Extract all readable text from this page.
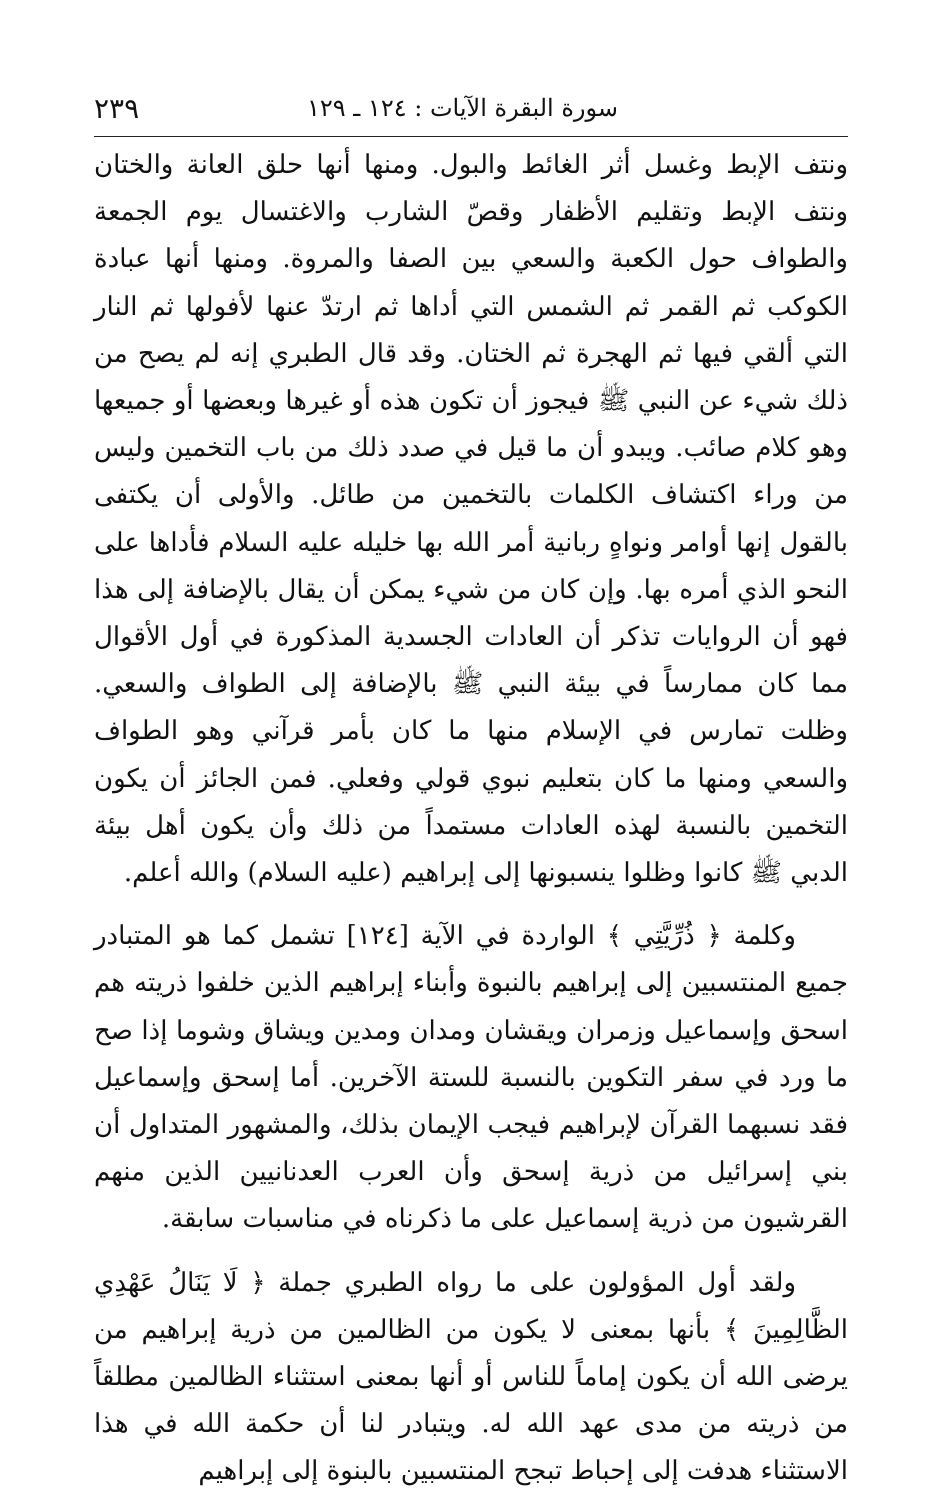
سورة البقرة الآيات : ١٢٤ ـ ١٢٩
٢٣٩

ونتف الإبط وغسل أثر الغائط والبول. ومنها أنها حلق العانة والختان ونتف الإبط وتقليم الأظفار وقصّ الشارب والاغتسال يوم الجمعة والطواف حول الكعبة والسعي بين الصفا والمروة. ومنها أنها عبادة الكوكب ثم القمر ثم الشمس التي أداها ثم ارتدّ عنها لأفولها ثم النار التي ألقي فيها ثم الهجرة ثم الختان. وقد قال الطبري إنه لم يصح من ذلك شيء عن النبي ﷺ فيجوز أن تكون هذه أو غيرها وبعضها أو جميعها وهو كلام صائب. ويبدو أن ما قيل في صدد ذلك من باب التخمين وليس من وراء اكتشاف الكلمات بالتخمين من طائل. والأولى أن يكتفى بالقول إنها أوامر ونواهٍ ربانية أمر الله بها خليله عليه السلام فأداها على النحو الذي أمره بها. وإن كان من شيء يمكن أن يقال بالإضافة إلى هذا فهو أن الروايات تذكر أن العادات الجسدية المذكورة في أول الأقوال مما كان ممارساً في بيئة النبي ﷺ بالإضافة إلى الطواف والسعي. وظلت تمارس في الإسلام منها ما كان بأمر قرآني وهو الطواف والسعي ومنها ما كان بتعليم نبوي قولي وفعلي. فمن الجائز أن يكون التخمين بالنسبة لهذه العادات مستمداً من ذلك وأن يكون أهل بيئة الدبي ﷺ كانوا وظلوا ينسبونها إلى إبراهيم (عليه السلام) والله أعلم.

وكلمة ﴿ ذُرِّيَّتِي ﴾ الواردة في الآية [١٢٤] تشمل كما هو المتبادر جميع المنتسبين إلى إبراهيم بالنبوة وأبناء إبراهيم الذين خلفوا ذريته هم اسحق وإسماعيل وزمران ويقشان ومدان ومدين ويشاق وشوما إذا صح ما ورد في سفر التكوين بالنسبة للستة الآخرين. أما إسحق وإسماعيل فقد نسبهما القرآن لإبراهيم فيجب الإيمان بذلك، والمشهور المتداول أن بني إسرائيل من ذرية إسحق وأن العرب العدنانيين الذين منهم القرشيون من ذرية إسماعيل على ما ذكرناه في مناسبات سابقة.

ولقد أول المؤولون على ما رواه الطبري جملة ﴿ لَا يَنَالُ عَهْدِي الظَّالِمِينَ ﴾ بأنها بمعنى لا يكون من الظالمين من ذرية إبراهيم من يرضى الله أن يكون إماماً للناس أو أنها بمعنى استثناء الظالمين مطلقاً من ذريته من مدى عهد الله له. ويتبادر لنا أن حكمة الله في هذا الاستثناء هدفت إلى إحباط تبجح المنتسبين بالبنوة إلى إبراهيم
